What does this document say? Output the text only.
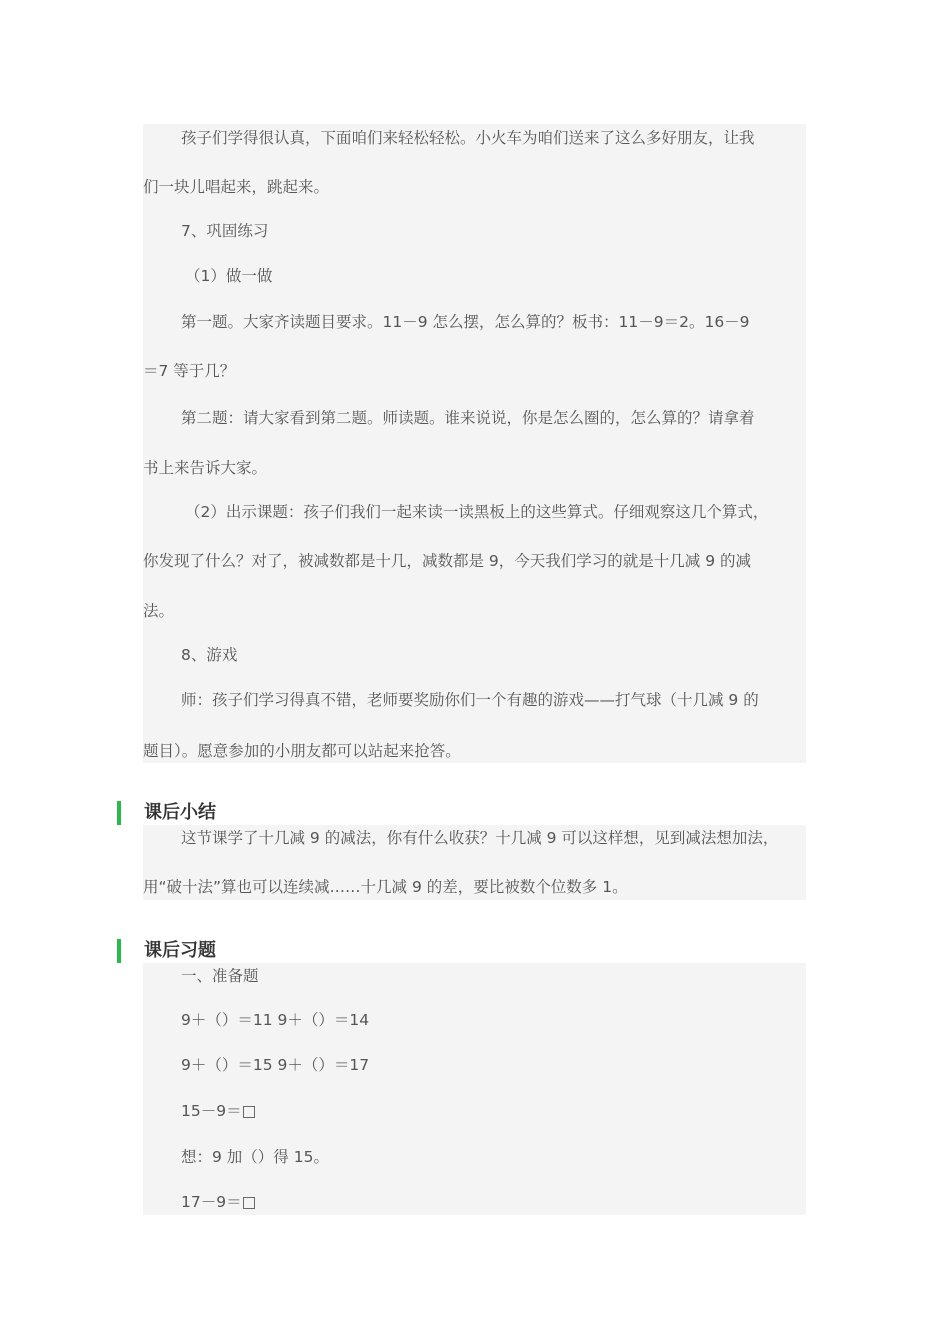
孩子们学得很认真，下面咱们来轻松轻松。小火车为咱们送来了这么多好朋友，让我
们一块儿唱起来，跳起来。
7、巩固练习
（1）做一做
第一题。大家齐读题目要求。11－9 怎么摆，怎么算的？板书：11－9＝2。16－9
＝7 等于几？
第二题：请大家看到第二题。师读题。谁来说说，你是怎么圈的，怎么算的？请拿着
书上来告诉大家。
（2）出示课题：孩子们我们一起来读一读黑板上的这些算式。仔细观察这几个算式，
你发现了什么？对了，被减数都是十几，减数都是 9，今天我们学习的就是十几减 9 的减
法。
8、游戏
师：孩子们学习得真不错，老师要奖励你们一个有趣的游戏——打气球（十几减 9 的
题目）。愿意参加的小朋友都可以站起来抢答。
课后小结
这节课学了十几减 9 的减法，你有什么收获？十几减 9 可以这样想，见到减法想加法，
用“破十法”算也可以连续减……十几减 9 的差，要比被数个位数多 1。
课后习题
一、准备题
9＋（）＝11 9＋（）＝14
9＋（）＝15 9＋（）＝17
15－9＝□
想：9 加（）得 15。
17－9＝□
